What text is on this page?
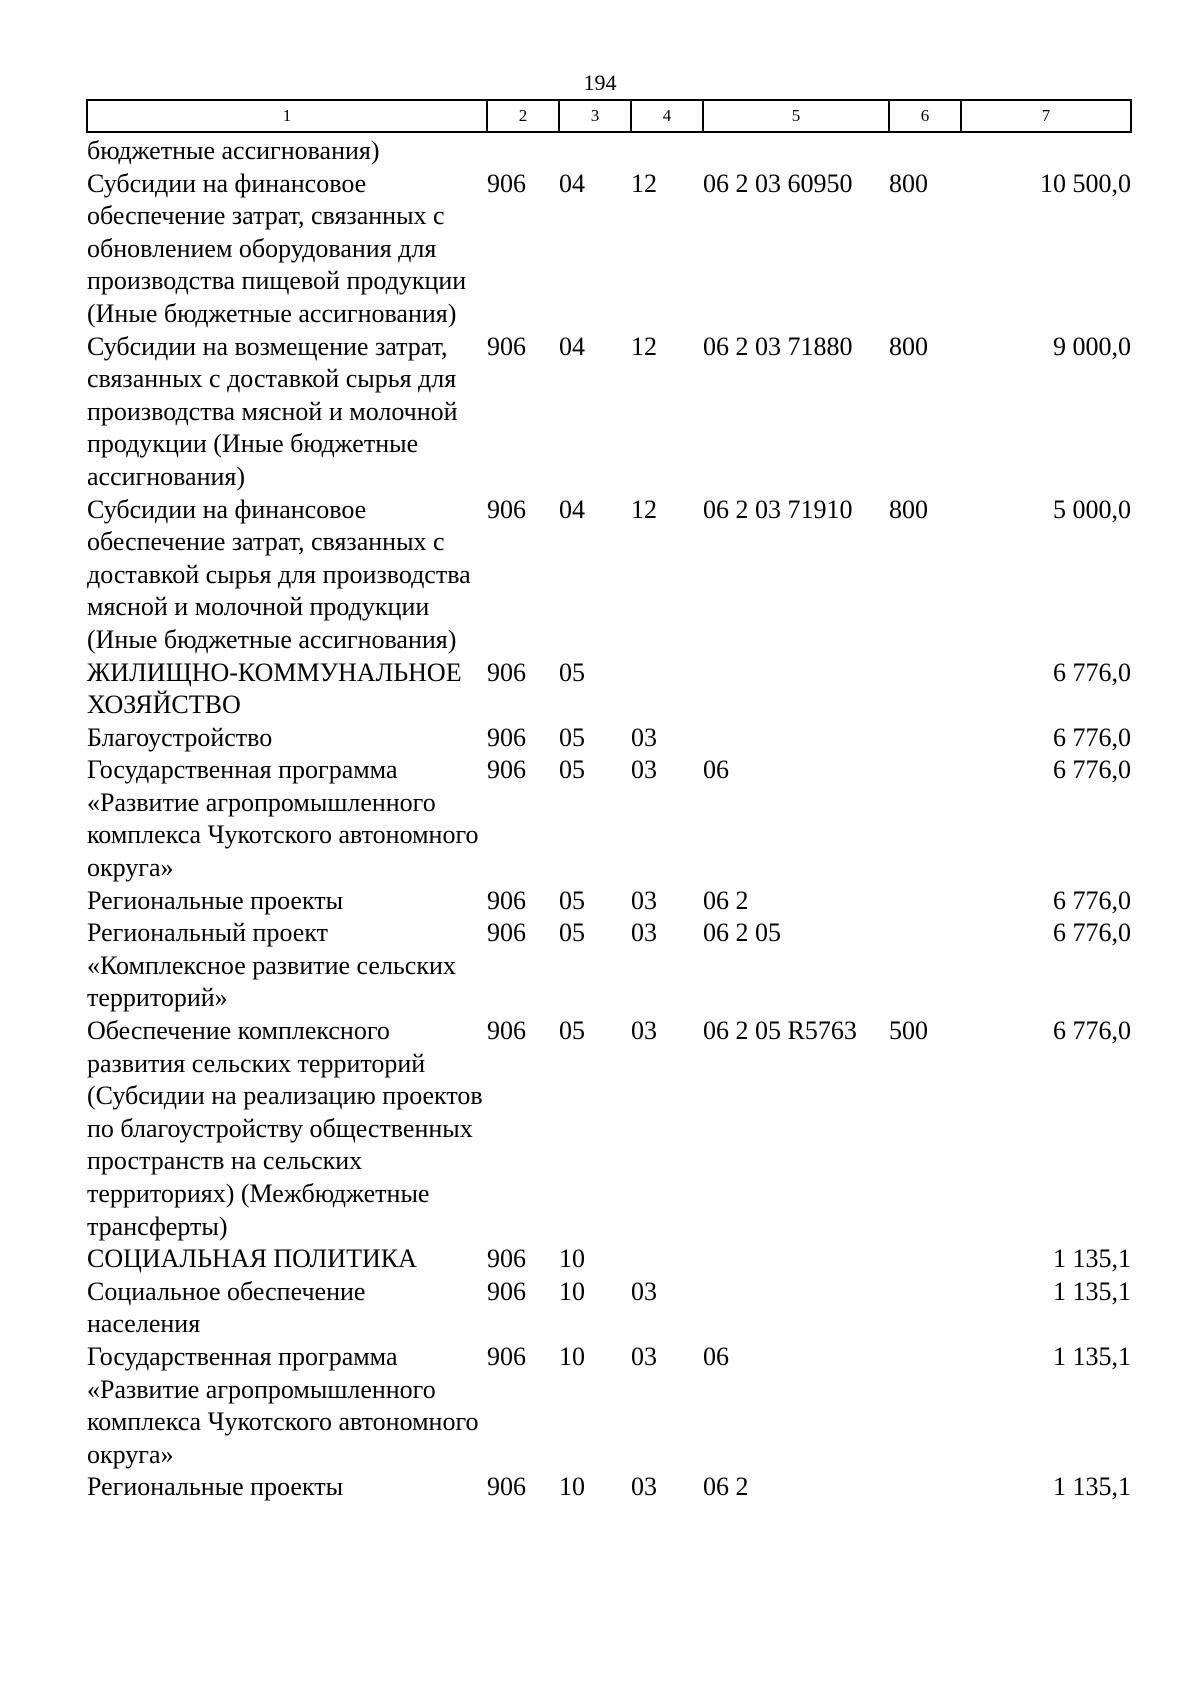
194
1	2	3	4	5	6	7
бюджетные ассигнования)						
Субсидии на финансовое обеспечение затрат, связанных с обновлением оборудования для производства пищевой продукции (Иные бюджетные ассигнования)	906	04	12	06 2 03 60950	800	10 500,0
Субсидии на возмещение затрат, связанных с доставкой сырья для производства мясной и молочной продукции (Иные бюджетные ассигнования)	906	04	12	06 2 03 71880	800	9 000,0
Субсидии на финансовое обеспечение затрат, связанных с доставкой сырья для производства мясной и молочной продукции (Иные бюджетные ассигнования)	906	04	12	06 2 03 71910	800	5 000,0
ЖИЛИЩНО-КОММУНАЛЬНОЕ ХОЗЯЙСТВО	906	05				6 776,0
Благоустройство	906	05	03			6 776,0
Государственная программа «Развитие агропромышленного комплекса Чукотского автономного округа»	906	05	03	06		6 776,0
Региональные проекты	906	05	03	06 2		6 776,0
Региональный проект «Комплексное развитие сельских территорий»	906	05	03	06 2 05		6 776,0
Обеспечение комплексного развития сельских территорий (Субсидии на реализацию проектов по благоустройству общественных пространств на сельских территориях) (Межбюджетные трансферты)	906	05	03	06 2 05 R5763	500	6 776,0
СОЦИАЛЬНАЯ ПОЛИТИКА	906	10				1 135,1
Социальное обеспечение населения	906	10	03			1 135,1
Государственная программа «Развитие агропромышленного комплекса Чукотского автономного округа»	906	10	03	06		1 135,1
Региональные проекты	906	10	03	06 2		1 135,1
